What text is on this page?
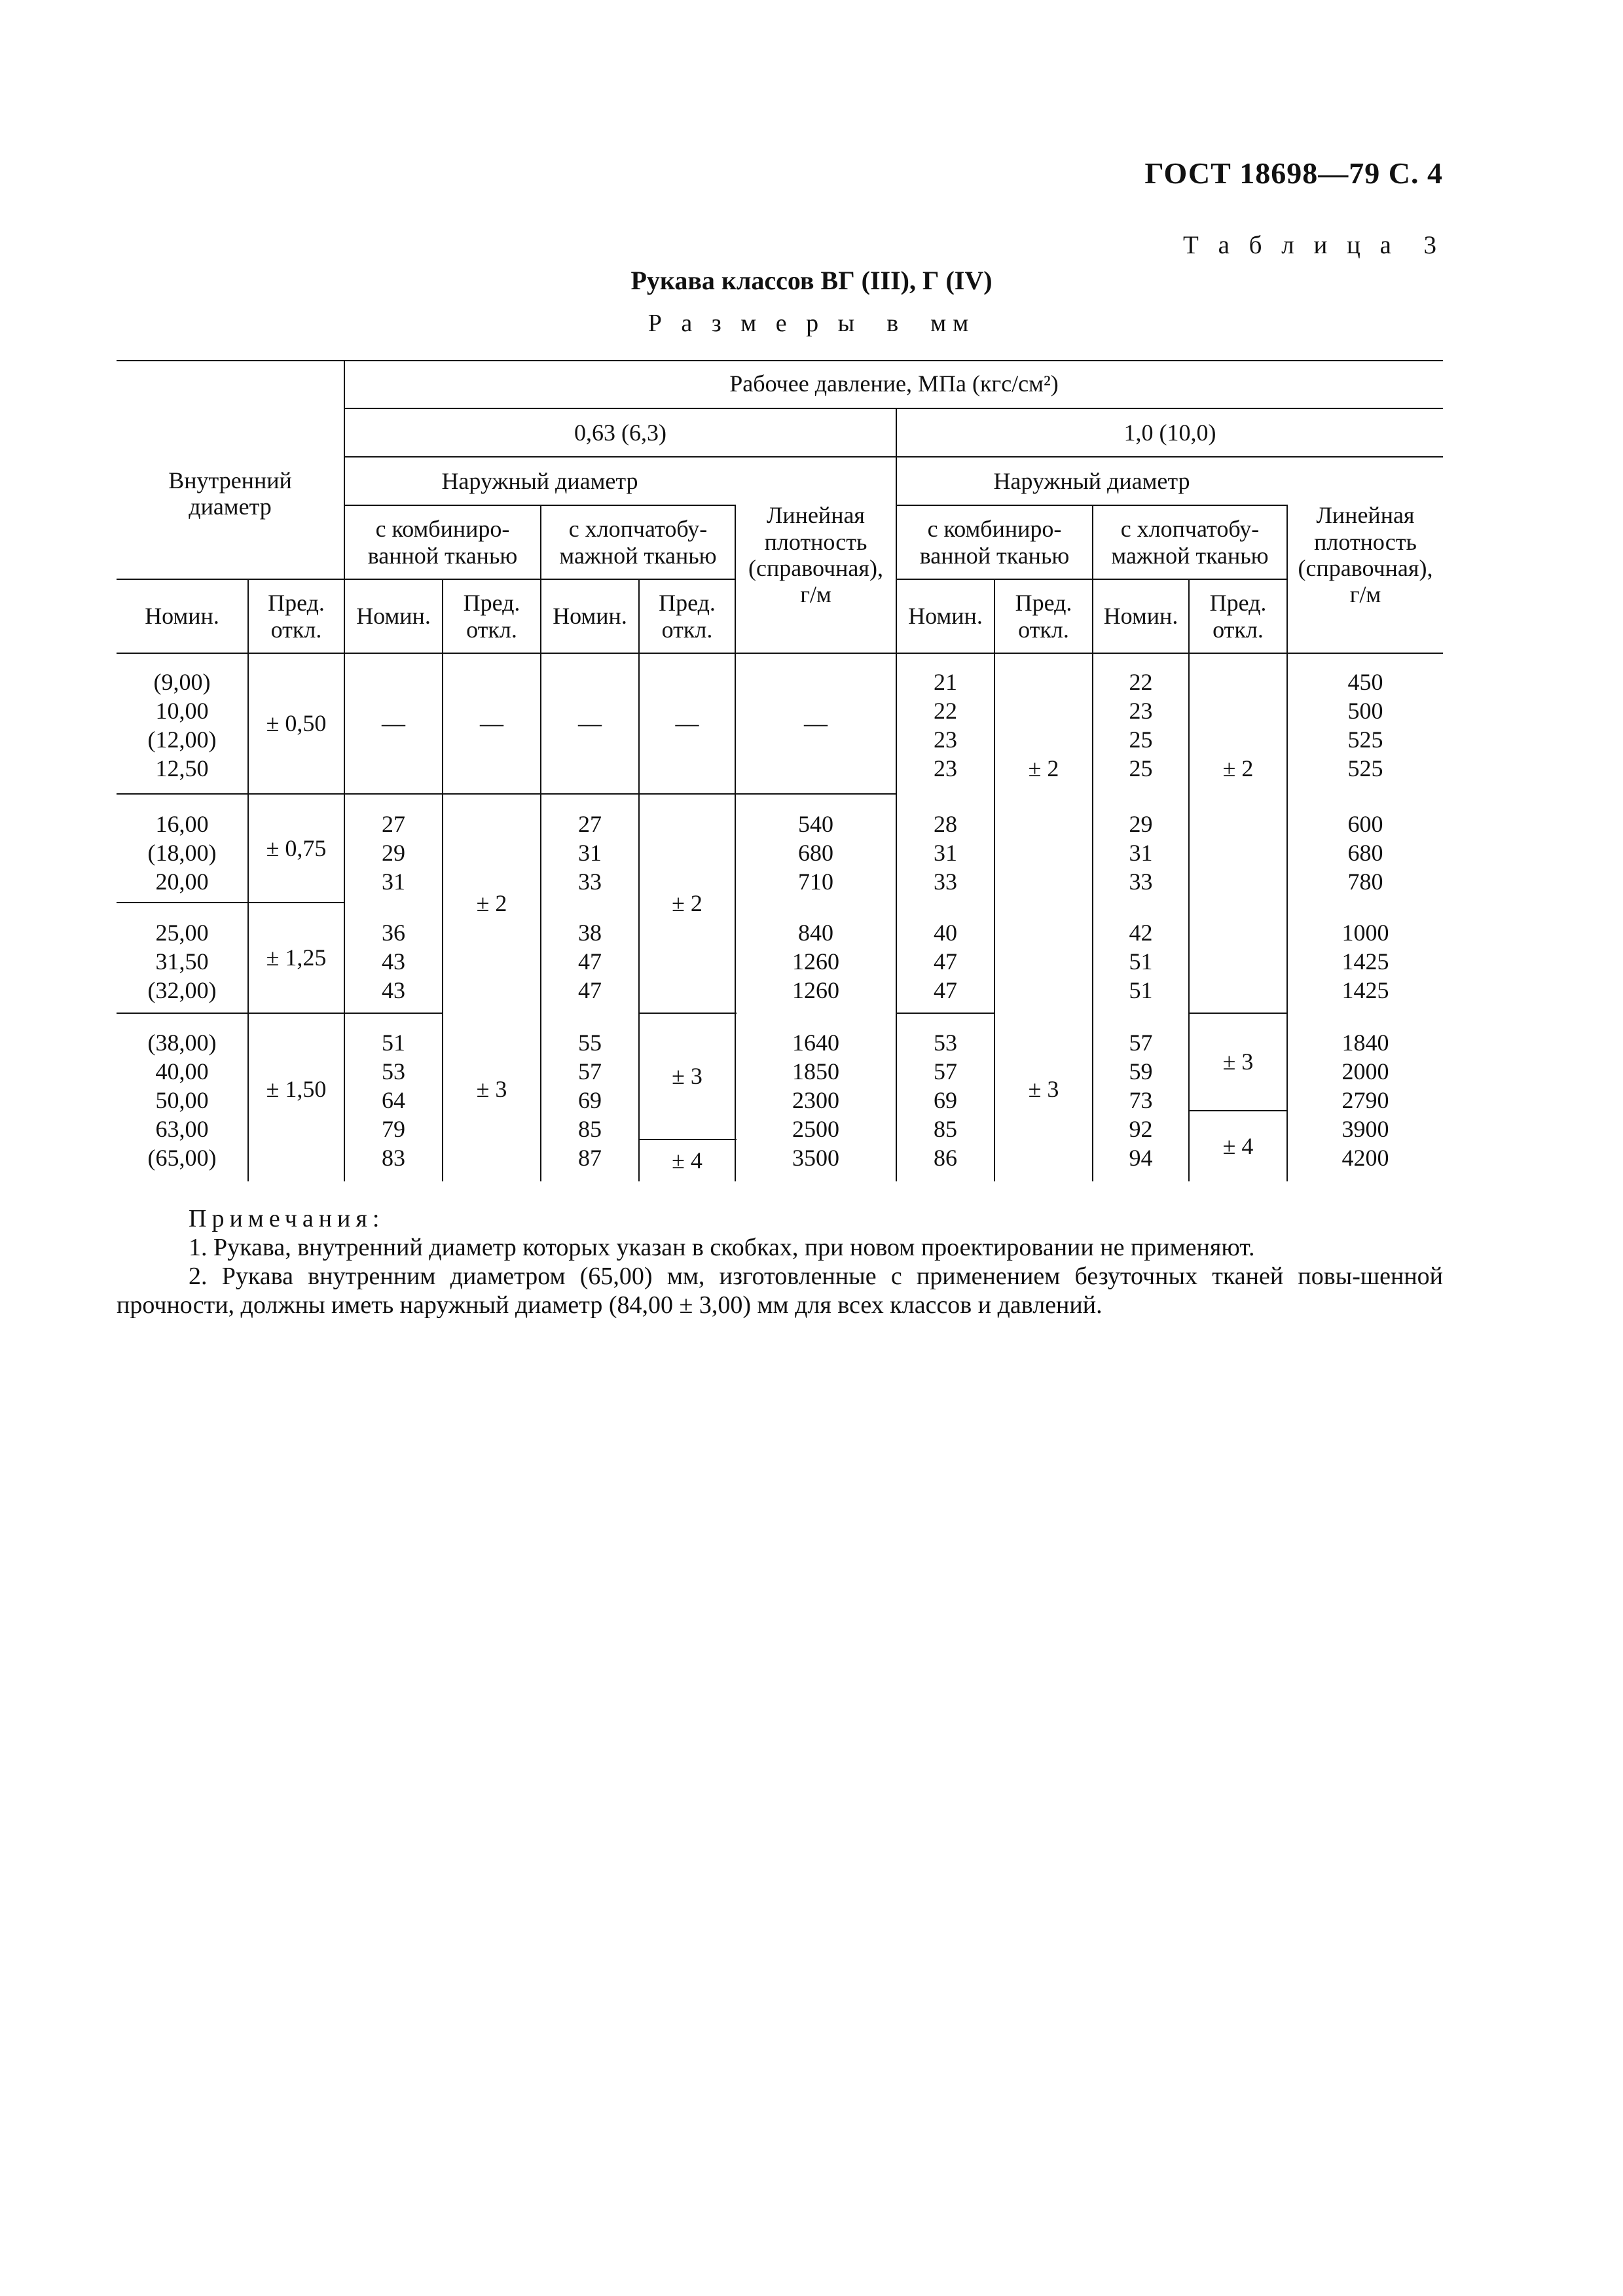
ГОСТ 18698—79 С. 4
Т а б л и ц а  3
Рукава классов ВГ (III), Г (IV)
Р а з м е р ы  в  мм
Внутренний диаметр
Рабочее давление, МПа (кгс/см²)
0,63 (6,3)	1,0 (10,0)
Наружный диаметр	Наружный диаметр
Линейная
плотность
(справочная),
г/м
Линейная
плотность
(справочная),
г/м
с комбиниро-
ванной тканью
с хлопчатобу-
мажной тканью
с комбиниро-
ванной тканью
с хлопчатобу-
мажной тканью
Номин.
Пред.
откл.
Номин.
Пред.
откл.
Номин.
Пред.
откл.
Номин.
Пред.
откл.
Номин.
Пред.
откл.
(9,00)
10,00
(12,00)
12,50
16,00
(18,00)
20,00
25,00
31,50
(32,00)
(38,00)
40,00
50,00
63,00
(65,00)
± 0,50
± 0,75
± 1,25
± 1,50
—
27
29
31
36
43
43
51
53
64
79
83
—
± 2
± 3
—
27
31
33
38
47
47
55
57
69
85
87
—
± 2
± 3
± 4
—
540
680
710
840
1260
1260
1640
1850
2300
2500
3500
21
22
23
23
28
31
33
40
47
47
53
57
69
85
86
± 2
± 3
22
23
25
25
29
31
33
42
51
51
57
59
73
92
94
± 2
± 3
± 4
450
500
525
525
600
680
780
1000
1425
1425
1840
2000
2790
3900
4200
Примечания:
1. Рукава, внутренний диаметр которых указан в скобках, при новом проектировании не применяют.
2. Рукава внутренним диаметром (65,00) мм, изготовленные с применением безуточных тканей повы-шенной прочности, должны иметь наружный диаметр (84,00 ± 3,00) мм для всех классов и давлений.
